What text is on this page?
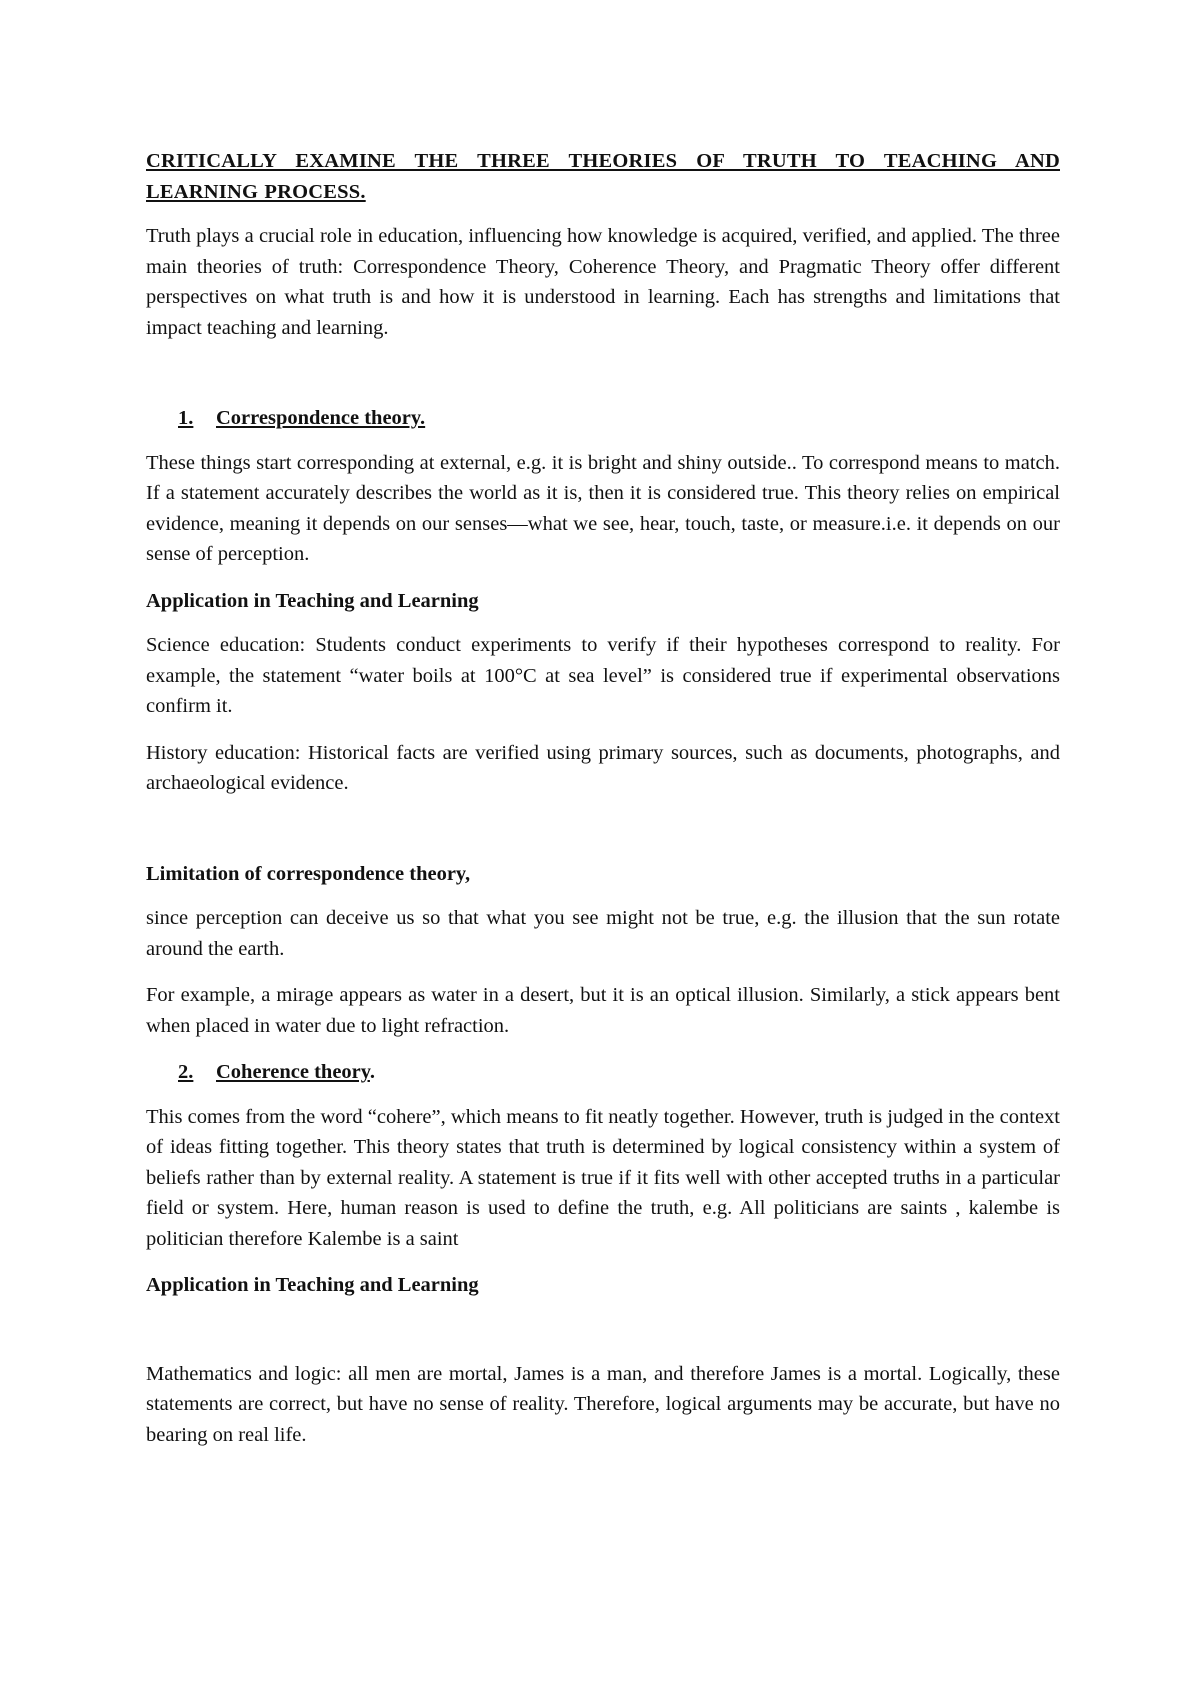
CRITICALLY EXAMINE THE THREE THEORIES OF TRUTH TO TEACHING AND LEARNING PROCESS.

Truth plays a crucial role in education, influencing how knowledge is acquired, verified, and applied. The three main theories of truth: Correspondence Theory, Coherence Theory, and Pragmatic Theory offer different perspectives on what truth is and how it is understood in learning. Each has strengths and limitations that impact teaching and learning.

1. Correspondence theory.

These things start corresponding at external, e.g. it is bright and shiny outside.. To correspond means to match. If a statement accurately describes the world as it is, then it is considered true. This theory relies on empirical evidence, meaning it depends on our senses—what we see, hear, touch, taste, or measure.i.e. it depends on our sense of perception.

Application in Teaching and Learning

Science education: Students conduct experiments to verify if their hypotheses correspond to reality. For example, the statement “water boils at 100°C at sea level” is considered true if experimental observations confirm it.

History education: Historical facts are verified using primary sources, such as documents, photographs, and archaeological evidence.

Limitation of correspondence theory,

since perception can deceive us so that what you see might not be true, e.g. the illusion that the sun rotate around the earth.

For example, a mirage appears as water in a desert, but it is an optical illusion. Similarly, a stick appears bent when placed in water due to light refraction.

2. Coherence theory.

This comes from the word “cohere”, which means to fit neatly together. However, truth is judged in the context of ideas fitting together. This theory states that truth is determined by logical consistency within a system of beliefs rather than by external reality. A statement is true if it fits well with other accepted truths in a particular field or system. Here, human reason is used to define the truth, e.g. All politicians are saints , kalembe is politician therefore Kalembe is a saint

Application in Teaching and Learning

Mathematics and logic: all men are mortal, James is a man, and therefore James is a mortal. Logically, these statements are correct, but have no sense of reality. Therefore, logical arguments may be accurate, but have no bearing on real life.
